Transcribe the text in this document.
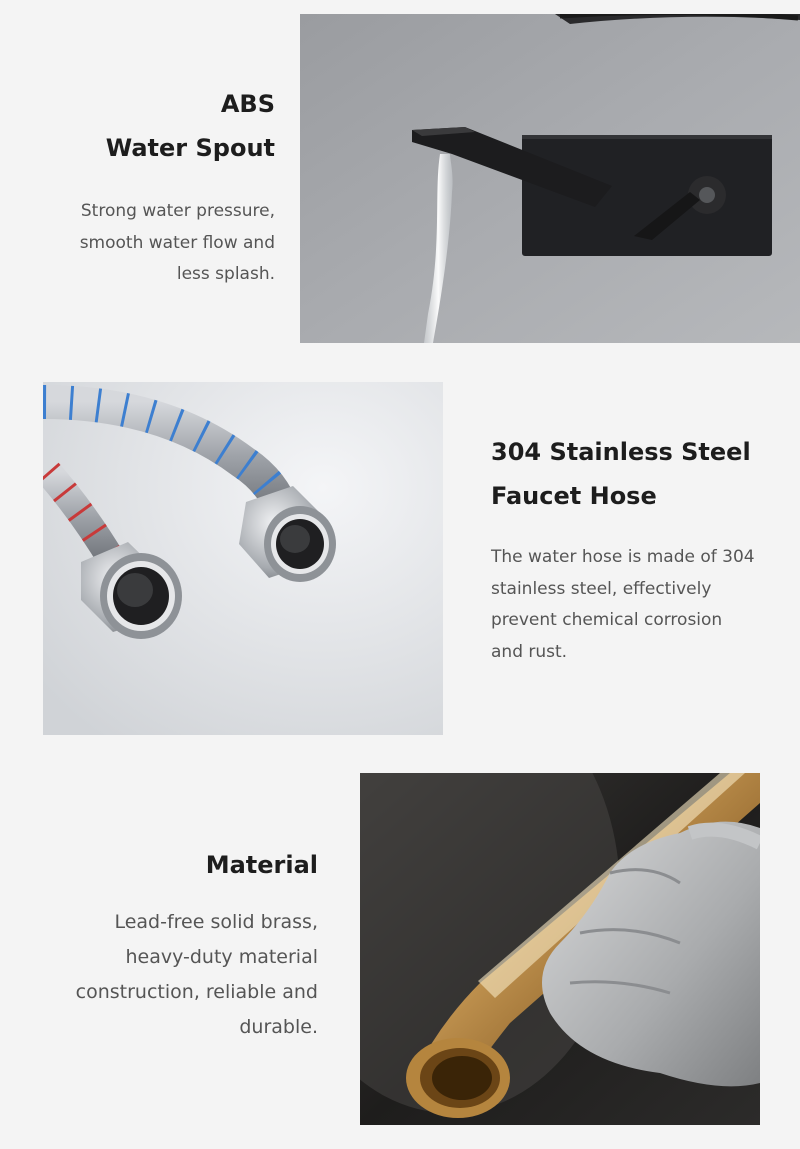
ABS
Water Spout

Strong water pressure,
smooth water flow and
less splash.

304 Stainless Steel
Faucet Hose

The water hose is made of 304
stainless steel, effectively
prevent chemical corrosion
and rust.

Material

Lead-free solid brass,
heavy-duty material
construction, reliable and
durable.
